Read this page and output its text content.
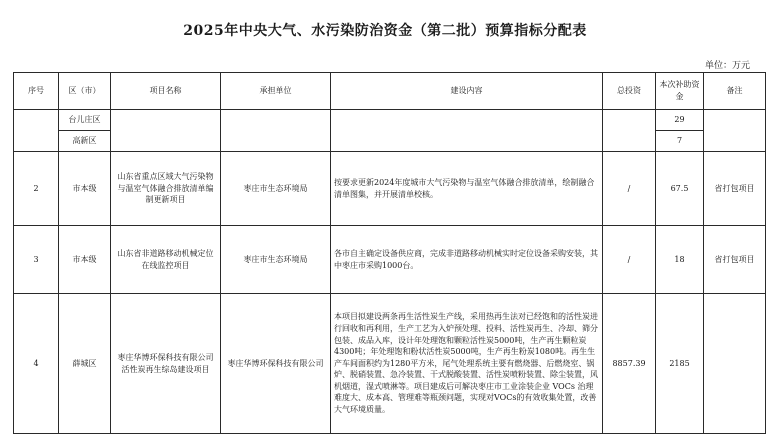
2025年中央大气、水污染防治资金（第二批）预算指标分配表
单位：万元
序号	区（市）	项目名称	承担单位	建设内容	总投资	本次补助资金	备注
	台儿庄区					29	
	高新区					7	
2	市本级	山东省重点区域大气污染物与温室气体融合排放清单编制更新项目	枣庄市生态环境局	按要求更新2024年度城市大气污染物与温室气体融合排放清单，绘制融合清单图集，并开展清单校核。	/	67.5	省打包项目
3	市本级	山东省非道路移动机械定位在线监控项目	枣庄市生态环境局	各市自主确定设备供应商，完成非道路移动机械实时定位设备采购安装，其中枣庄市采购1000台。	/	18	省打包项目
4	薛城区	枣庄华博环保科技有限公司活性炭再生综岛建设项目	枣庄华博环保科技有限公司	本项目拟建设两条再生活性炭生产线，采用热再生法对已经饱和的活性炭进行回收和再利用，生产工艺为入炉预处理、投料、活性炭再生、冷却、筛分包装、成品入库，设计年处理饱和颗粒活性炭5000吨，生产再生颗粒炭4300吨；年处理饱和粉状活性炭5000吨，生产再生粉炭1080吨。再生生产车间面积约为1280平方米，尾气处理系统主要有燃烧器、后燃烧室、锅炉、脱硝装置、急冷装置、干式脱酸装置、活性炭喷粉装置、除尘装置，风机烟道，湿式喷淋等。项目建成后可解决枣庄市工业涂装企业 VOCs 治理难度大、成本高、管理难等瓶颈问题，实现对VOCs的有效收集处置，改善大气环境质量。	8857.39	2185	
